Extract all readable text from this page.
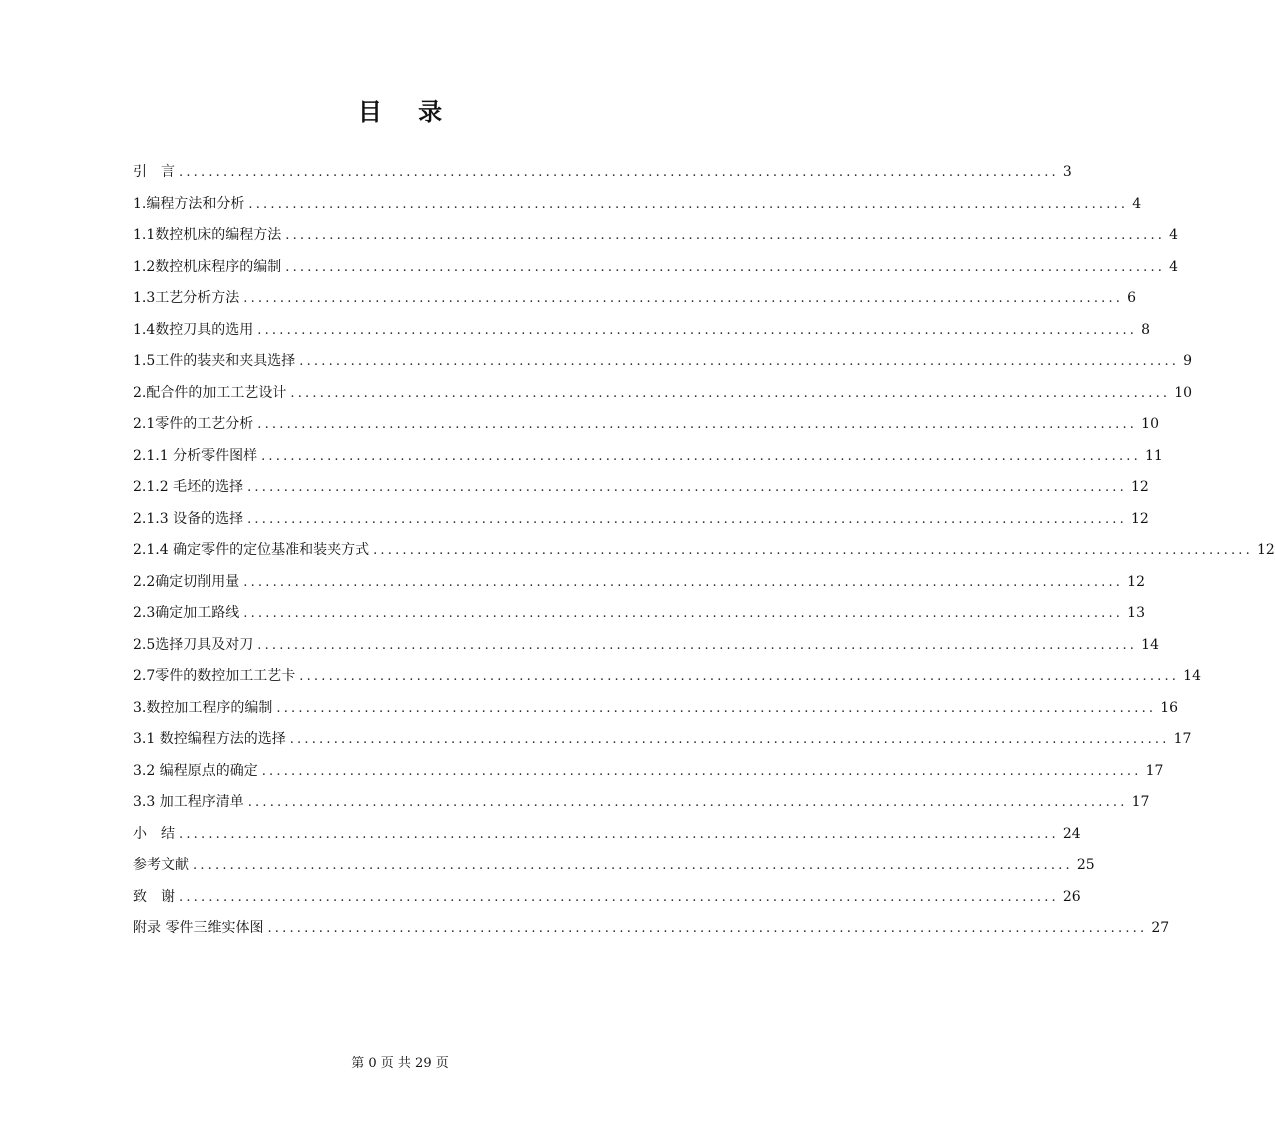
目 录
引　言 ........................................................................................................................ 3
1.编程方法和分析 ........................................................................................................................ 4
1.1数控机床的编程方法 ........................................................................................................................ 4
1.2数控机床程序的编制 ........................................................................................................................ 4
1.3工艺分析方法 ........................................................................................................................ 6
1.4数控刀具的选用 ........................................................................................................................ 8
1.5工件的装夹和夹具选择 ........................................................................................................................ 9
2.配合件的加工工艺设计 ........................................................................................................................ 10
2.1零件的工艺分析 ........................................................................................................................ 10
2.1.1 分析零件图样 ........................................................................................................................ 11
2.1.2 毛坯的选择 ........................................................................................................................ 12
2.1.3 设备的选择 ........................................................................................................................ 12
2.1.4 确定零件的定位基准和装夹方式 ........................................................................................................................ 12
2.2确定切削用量 ........................................................................................................................ 12
2.3确定加工路线 ........................................................................................................................ 13
2.5选择刀具及对刀 ........................................................................................................................ 14
2.7零件的数控加工工艺卡 ........................................................................................................................ 14
3.数控加工程序的编制 ........................................................................................................................ 16
3.1 数控编程方法的选择 ........................................................................................................................ 17
3.2 编程原点的确定 ........................................................................................................................ 17
3.3 加工程序清单 ........................................................................................................................ 17
小　结 ........................................................................................................................ 24
参考文献 ........................................................................................................................ 25
致　谢 ........................................................................................................................ 26
附录 零件三维实体图 ........................................................................................................................ 27
第 0 页 共 29 页
